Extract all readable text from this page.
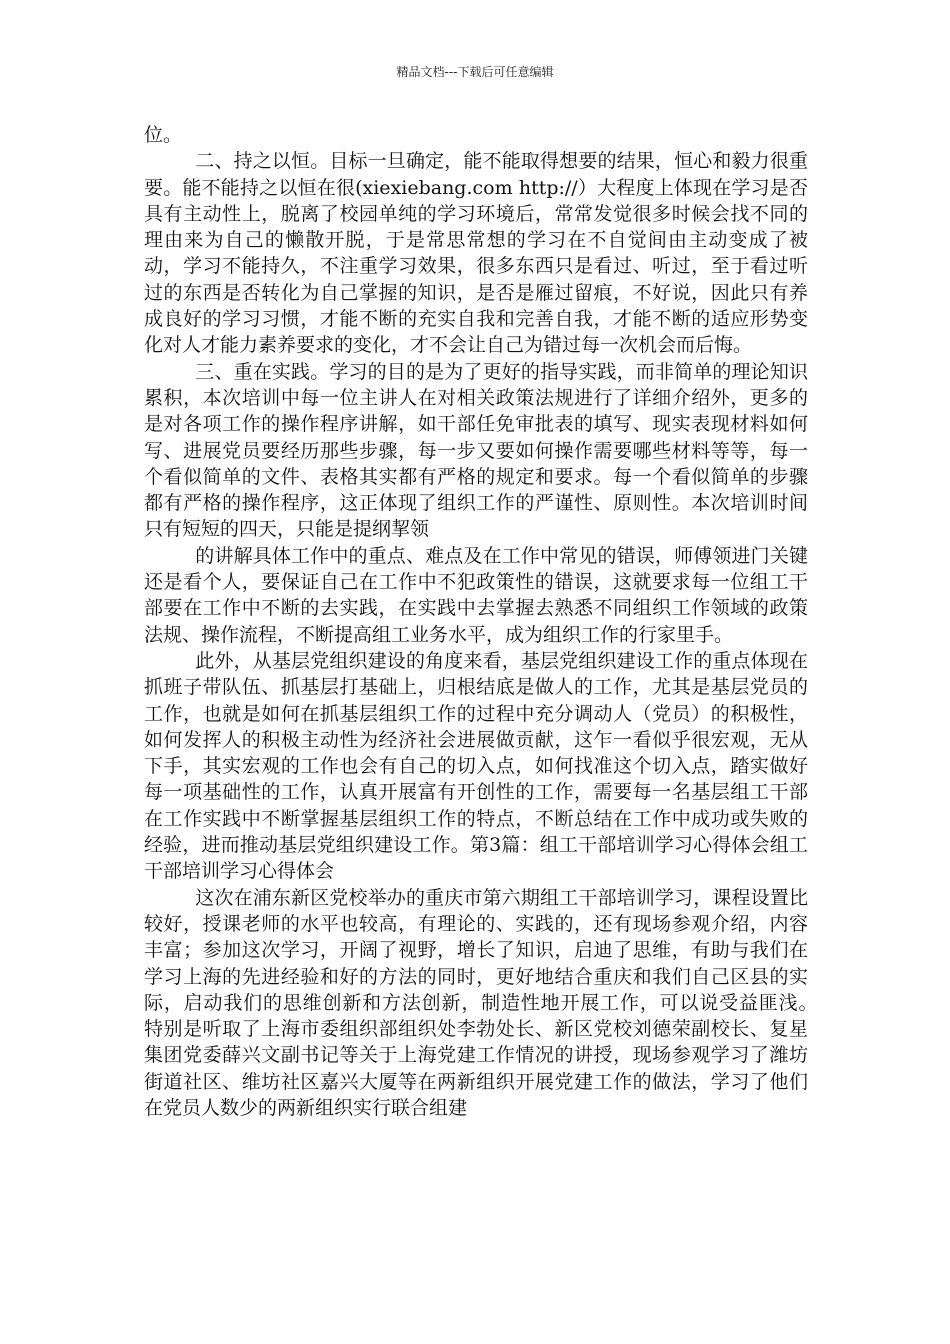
精品文档---下载后可任意编辑

位。

二、持之以恒。目标一旦确定，能不能取得想要的结果，恒心和毅力很重要。能不能持之以恒在很(xiexiebang.com http://）大程度上体现在学习是否具有主动性上，脱离了校园单纯的学习环境后，常常发觉很多时候会找不同的理由来为自己的懒散开脱，于是常思常想的学习在不自觉间由主动变成了被动，学习不能持久，不注重学习效果，很多东西只是看过、听过，至于看过听过的东西是否转化为自己掌握的知识，是否是雁过留痕，不好说，因此只有养成良好的学习习惯，才能不断的充实自我和完善自我，才能不断的适应形势变化对人才能力素养要求的变化，才不会让自己为错过每一次机会而后悔。

三、重在实践。学习的目的是为了更好的指导实践，而非简单的理论知识累积，本次培训中每一位主讲人在对相关政策法规进行了详细介绍外，更多的是对各项工作的操作程序讲解，如干部任免审批表的填写、现实表现材料如何写、进展党员要经历那些步骤，每一步又要如何操作需要哪些材料等等，每一个看似简单的文件、表格其实都有严格的规定和要求。每一个看似简单的步骤都有严格的操作程序，这正体现了组织工作的严谨性、原则性。本次培训时间只有短短的四天，只能是提纲挈领

的讲解具体工作中的重点、难点及在工作中常见的错误，师傅领进门关键还是看个人，要保证自己在工作中不犯政策性的错误，这就要求每一位组工干部要在工作中不断的去实践，在实践中去掌握去熟悉不同组织工作领域的政策法规、操作流程，不断提高组工业务水平，成为组织工作的行家里手。

此外，从基层党组织建设的角度来看，基层党组织建设工作的重点体现在抓班子带队伍、抓基层打基础上，归根结底是做人的工作，尤其是基层党员的工作，也就是如何在抓基层组织工作的过程中充分调动人（党员）的积极性，如何发挥人的积极主动性为经济社会进展做贡献，这乍一看似乎很宏观，无从下手，其实宏观的工作也会有自己的切入点，如何找准这个切入点，踏实做好每一项基础性的工作，认真开展富有开创性的工作，需要每一名基层组工干部在工作实践中不断掌握基层组织工作的特点，不断总结在工作中成功或失败的经验，进而推动基层党组织建设工作。第3篇：组工干部培训学习心得体会组工干部培训学习心得体会

这次在浦东新区党校举办的重庆市第六期组工干部培训学习，课程设置比较好，授课老师的水平也较高，有理论的、实践的，还有现场参观介绍，内容丰富；参加这次学习，开阔了视野，增长了知识，启迪了思维，有助与我们在学习上海的先进经验和好的方法的同时，更好地结合重庆和我们自己区县的实际，启动我们的思维创新和方法创新，制造性地开展工作，可以说受益匪浅。　　特别是听取了上海市委组织部组织处李勃处长、新区党校刘德荣副校长、复星集团党委薛兴文副书记等关于上海党建工作情况的讲授，现场参观学习了潍坊街道社区、维坊社区嘉兴大厦等在两新组织开展党建工作的做法，学习了他们在党员人数少的两新组织实行联合组建
